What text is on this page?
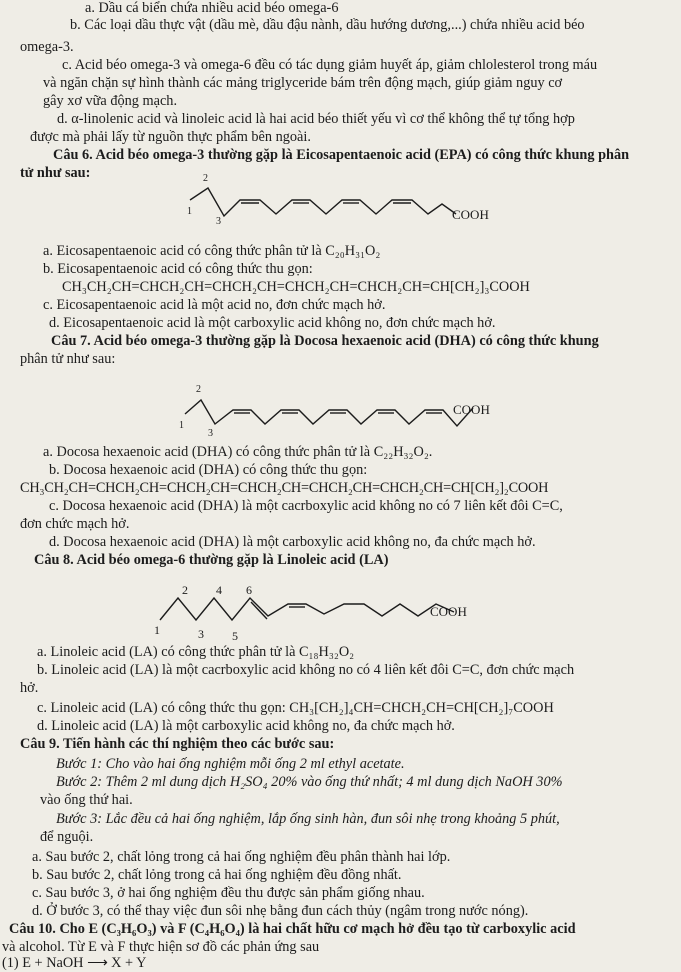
a. Dầu cá biển chứa nhiều acid béo omega-6
b. Các loại dầu thực vật (dầu mè, dầu đậu nành, dầu hướng dương,...) chứa nhiều acid béo
omega-3.
c. Acid béo omega-3 và omega-6 đều có tác dụng giảm huyết áp, giảm chlolesterol trong máu
và ngăn chặn sự hình thành các mảng triglyceride bám trên động mạch, giúp giảm nguy cơ
gây xơ vữa động mạch.
d. α-linolenic acid và linoleic acid là hai acid béo thiết yếu vì cơ thể không thể tự tổng hợp
được mà phải lấy từ nguồn thực phẩm bên ngoài.
Câu 6. Acid béo omega-3 thường gặp là Eicosapentaenoic acid (EPA) có công thức khung phân
tử như sau:	2
1
3	COOH
a. Eicosapentaenoic acid có công thức phân tử là C₂₀H₃₁O₂
b. Eicosapentaenoic acid có công thức thu gọn:
CH₃CH₂CH=CHCH₂CH=CHCH₂CH=CHCH₂CH=CHCH₂CH=CH[CH₂]₃COOH
c. Eicosapentaenoic acid là một acid no, đơn chức mạch hở.
d. Eicosapentaenoic acid là một carboxylic acid không no, đơn chức mạch hở.
Câu 7. Acid béo omega-3 thường gặp là Docosa hexaenoic acid (DHA) có công thức khung
phân tử như sau:
2
1
3
COOH
a. Docosa hexaenoic acid (DHA) có công thức phân tử là C₂₂H₃₂O₂.
b. Docosa hexaenoic acid (DHA) có công thức thu gọn:
CH₃CH₂CH=CHCH₂CH=CHCH₂CH=CHCH₂CH=CHCH₂CH=CHCH₂CH=CH[CH₂]₂COOH
c. Docosa hexaenoic acid (DHA) là một cacrboxylic acid không no có 7 liên kết đôi C=C,
đơn chức mạch hở.
d. Docosa hexaenoic acid (DHA) là một carboxylic acid không no, đa chức mạch hở.
Câu 8. Acid béo omega-6 thường gặp là Linoleic acid (LA)
2 4 6
1	3 5
COOH
a. Linoleic acid (LA) có công thức phân tử là C₁₈H₃₂O₂
b. Linoleic acid (LA) là một cacrboxylic acid không no có 4 liên kết đôi C=C, đơn chức mạch
hở.
c. Linoleic acid (LA) có công thức thu gọn: CH₃[CH₂]₄CH=CHCH₂CH=CH[CH₂]₇COOH
d. Linoleic acid (LA) là một carboxylic acid không no, đa chức mạch hở.
Câu 9. Tiến hành các thí nghiệm theo các bước sau:
Bước 1: Cho vào hai ống nghiệm mỗi ống 2 ml ethyl acetate.
Bước 2: Thêm 2 ml dung dịch H₂SO₄ 20% vào ống thứ nhất; 4 ml dung dịch NaOH 30%
vào ống thứ hai.
Bước 3: Lắc đều cả hai ống nghiệm, lắp ống sinh hàn, đun sôi nhẹ trong khoảng 5 phút,
để nguội.
a. Sau bước 2, chất lỏng trong cả hai ống nghiệm đều phân thành hai lớp.
b. Sau bước 2, chất lỏng trong cả hai ống nghiệm đều đồng nhất.
c. Sau bước 3, ở hai ống nghiệm đều thu được sản phẩm giống nhau.
d. Ở bước 3, có thể thay việc đun sôi nhẹ bằng đun cách thủy (ngâm trong nước nóng).
Câu 10. Cho E (C₃H₆O₃) và F (C₄H₆O₄) là hai chất hữu cơ mạch hở đều tạo từ carboxylic acid
và alcohol. Từ E và F thực hiện sơ đồ các phản ứng sau
(1) E + NaOH ⟶ X + Y
